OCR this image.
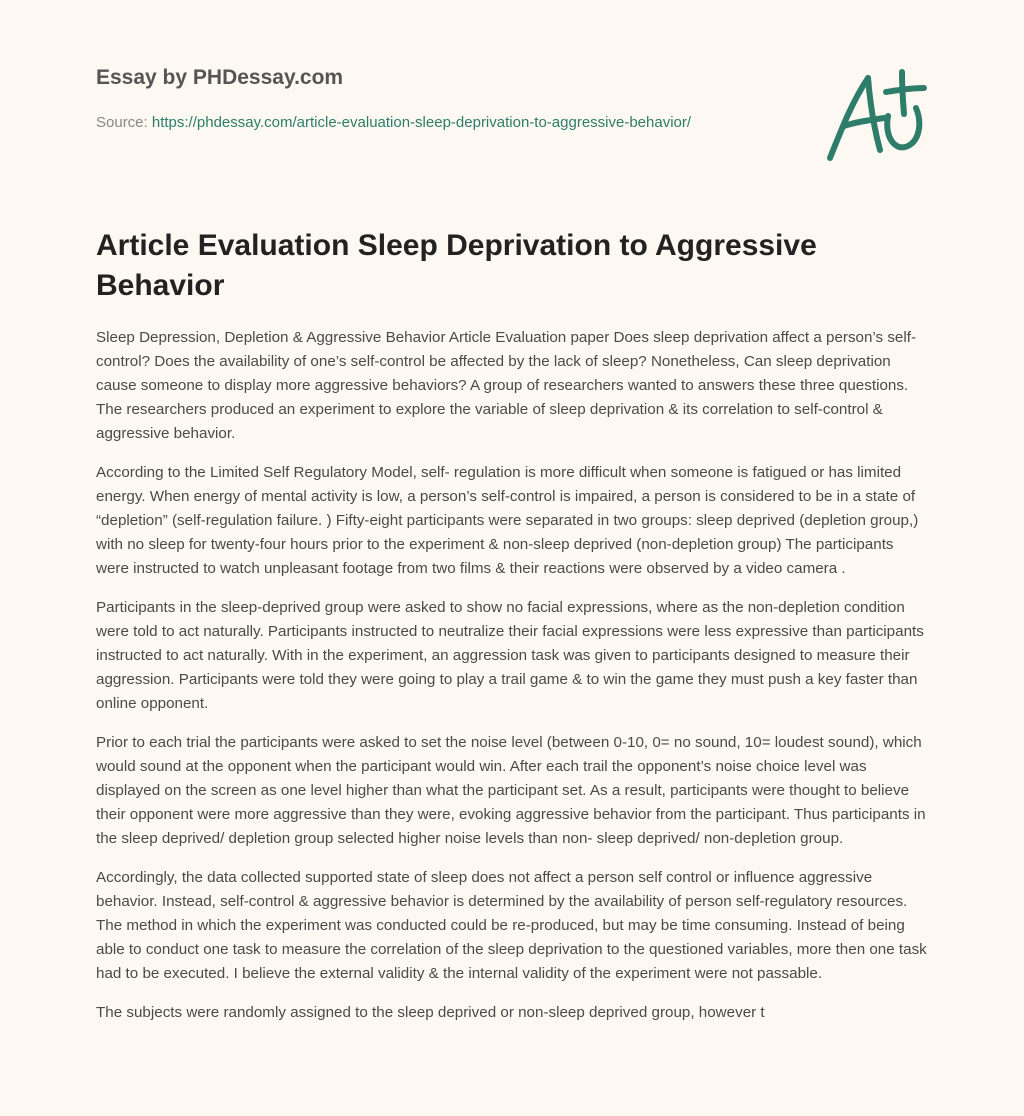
Essay by PHDessay.com
Source: https://phdessay.com/article-evaluation-sleep-deprivation-to-aggressive-behavior/
Article Evaluation Sleep Deprivation to Aggressive Behavior

Sleep Depression, Depletion & Aggressive Behavior Article Evaluation paper Does sleep deprivation affect a person’s self-control? Does the availability of one’s self-control be affected by the lack of sleep? Nonetheless, Can sleep deprivation cause someone to display more aggressive behaviors? A group of researchers wanted to answers these three questions. The researchers produced an experiment to explore the variable of sleep deprivation & its correlation to self-control & aggressive behavior.

According to the Limited Self Regulatory Model, self- regulation is more difficult when someone is fatigued or has limited energy. When energy of mental activity is low, a person’s self-control is impaired, a person is considered to be in a state of “depletion” (self-regulation failure. ) Fifty-eight participants were separated in two groups: sleep deprived (depletion group,) with no sleep for twenty-four hours prior to the experiment & non-sleep deprived (non-depletion group) The participants were instructed to watch unpleasant footage from two films & their reactions were observed by a video camera .

Participants in the sleep-deprived group were asked to show no facial expressions, where as the non-depletion condition were told to act naturally. Participants instructed to neutralize their facial expressions were less expressive than participants instructed to act naturally. With in the experiment, an aggression task was given to participants designed to measure their aggression. Participants were told they were going to play a trail game & to win the game they must push a key faster than online opponent.

Prior to each trial the participants were asked to set the noise level (between 0-10, 0= no sound, 10= loudest sound), which would sound at the opponent when the participant would win. After each trail the opponent’s noise choice level was displayed on the screen as one level higher than what the participant set. As a result, participants were thought to believe their opponent were more aggressive than they were, evoking aggressive behavior from the participant. Thus participants in the sleep deprived/ depletion group selected higher noise levels than non- sleep deprived/ non-depletion group.

Accordingly, the data collected supported state of sleep does not affect a person self control or influence aggressive behavior. Instead, self-control & aggressive behavior is determined by the availability of person self-regulatory resources. The method in which the experiment was conducted could be re-produced, but may be time consuming. Instead of being able to conduct one task to measure the correlation of the sleep deprivation to the questioned variables, more then one task had to be executed. I believe the external validity & the internal validity of the experiment were not passable.

The subjects were randomly assigned to the sleep deprived or non-sleep deprived group, however t
